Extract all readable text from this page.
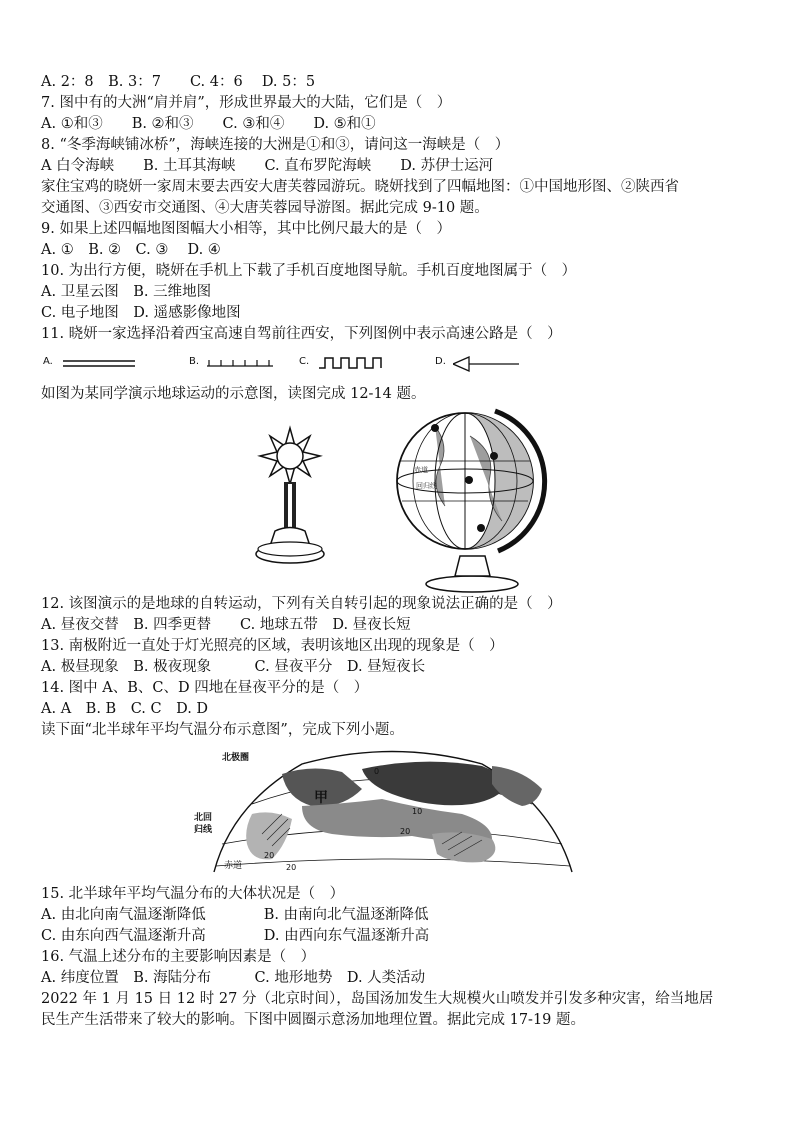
A. 2：8　B. 3：7　　C. 4：6　 D. 5：5
7. 图中有的大洲“肩并肩”，形成世界最大的大陆，它们是（　）
A. ①和③　　B. ②和③　　C. ③和④　　D. ⑤和①
8. “冬季海峡铺冰桥”，海峡连接的大洲是①和③，请问这一海峡是（　）
A 白令海峡　　B. 土耳其海峡　　C. 直布罗陀海峡　　D. 苏伊士运河
家住宝鸡的晓妍一家周末要去西安大唐芙蓉园游玩。晓妍找到了四幅地图：①中国地形图、②陕西省
交通图、③西安市交通图、④大唐芙蓉园导游图。据此完成 9-10 题。
9. 如果上述四幅地图图幅大小相等，其中比例尺最大的是（　）
A. ①　B. ②　C. ③　 D. ④
10. 为出行方便，晓妍在手机上下载了手机百度地图导航。手机百度地图属于（　）
A. 卫星云图　B. 三维地图
C. 电子地图　D. 遥感影像地图
11. 晓妍一家选择沿着西宝高速自驾前往西安，下列图例中表示高速公路是（　）
A.	B.	C.	D.
如图为某同学演示地球运动的示意图，读图完成 12-14 题。
赤道
回归线
12. 该图演示的是地球的自转运动，下列有关自转引起的现象说法正确的是（　）
A. 昼夜交替　B. 四季更替　　C. 地球五带　D. 昼夜长短
13. 南极附近一直处于灯光照亮的区域，表明该地区出现的现象是（　）
A. 极昼现象　B. 极夜现象　　　C. 昼夜平分　D. 昼短夜长
14. 图中 A、B、C、D 四地在昼夜平分的是（　）
A. A　B. B　C. C　D. D
读下面“北半球年平均气温分布示意图”，完成下列小题。
北极圈
北回
归线
赤道
甲
0
10
20
20
20
15. 北半球年平均气温分布的大体状况是（　）
A. 由北向南气温逐渐降低　　　　B. 由南向北气温逐渐降低
C. 由东向西气温逐渐升高　　　　D. 由西向东气温逐渐升高
16. 气温上述分布的主要影响因素是（　）
A. 纬度位置　B. 海陆分布　　　C. 地形地势　D. 人类活动
2022 年 1 月 15 日 12 时 27 分（北京时间），岛国汤加发生大规模火山喷发并引发多种灾害，给当地居
民生产生活带来了较大的影响。下图中圆圈示意汤加地理位置。据此完成 17-19 题。
